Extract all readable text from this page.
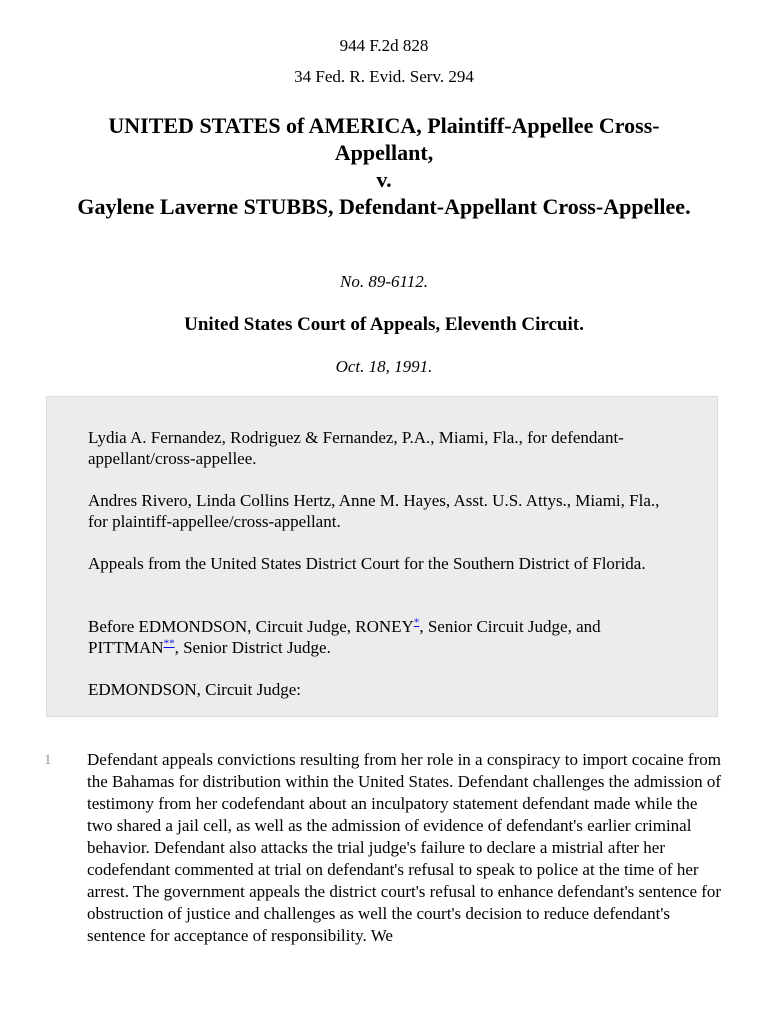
944 F.2d 828
34 Fed. R. Evid. Serv. 294
UNITED STATES of AMERICA, Plaintiff-Appellee Cross-Appellant,
v.
Gaylene Laverne STUBBS, Defendant-Appellant Cross-Appellee.
No. 89-6112.
United States Court of Appeals, Eleventh Circuit.
Oct. 18, 1991.

Lydia A. Fernandez, Rodriguez & Fernandez, P.A., Miami, Fla., for defendant-appellant/cross-appellee.

Andres Rivero, Linda Collins Hertz, Anne M. Hayes, Asst. U.S. Attys., Miami, Fla., for plaintiff-appellee/cross-appellant.

Appeals from the United States District Court for the Southern District of Florida.

Before EDMONDSON, Circuit Judge, RONEY*, Senior Circuit Judge, and PITTMAN**, Senior District Judge.

EDMONDSON, Circuit Judge:

1 Defendant appeals convictions resulting from her role in a conspiracy to import cocaine from the Bahamas for distribution within the United States. Defendant challenges the admission of testimony from her codefendant about an inculpatory statement defendant made while the two shared a jail cell, as well as the admission of evidence of defendant's earlier criminal behavior. Defendant also attacks the trial judge's failure to declare a mistrial after her codefendant commented at trial on defendant's refusal to speak to police at the time of her arrest. The government appeals the district court's refusal to enhance defendant's sentence for obstruction of justice and challenges as well the court's decision to reduce defendant's sentence for acceptance of responsibility. We
